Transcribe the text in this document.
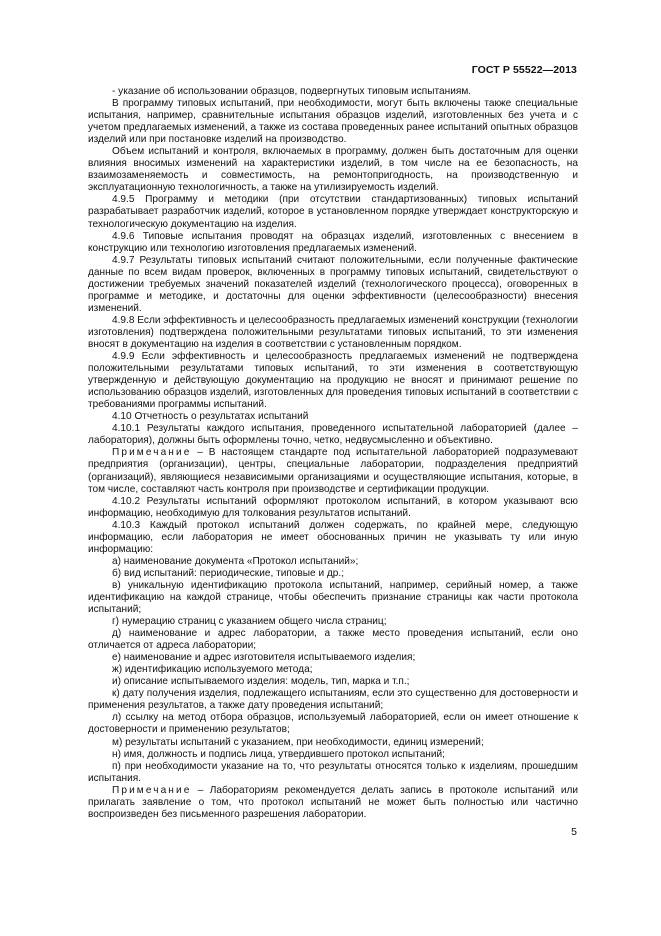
ГОСТ Р 55522—2013

- указание об использовании образцов, подвергнутых типовым испытаниям.

В программу типовых испытаний, при необходимости, могут быть включены также специальные испытания, например, сравнительные испытания образцов изделий, изготовленных без учета и с учетом предлагаемых изменений, а также из состава проведенных ранее испытаний опытных образцов изделий или при постановке изделий на производство.

Объем испытаний и контроля, включаемых в программу, должен быть достаточным для оценки влияния вносимых изменений на характеристики изделий, в том числе на ее безопасность, на взаимозаменяемость и совместимость, на ремонтопригодность, на производственную и эксплуатационную технологичность, а также на утилизируемость изделий.

4.9.5 Программу и методики (при отсутствии стандартизованных) типовых испытаний разрабатывает разработчик изделий, которое в установленном порядке утверждает конструкторскую и технологическую документацию на изделия.

4.9.6 Типовые испытания проводят на образцах изделий, изготовленных с внесением в конструкцию или технологию изготовления предлагаемых изменений.

4.9.7 Результаты типовых испытаний считают положительными, если полученные фактические данные по всем видам проверок, включенных в программу типовых испытаний, свидетельствуют о достижении требуемых значений показателей изделий (технологического процесса), оговоренных в программе и методике, и достаточны для оценки эффективности (целесообразности) внесения изменений.

4.9.8 Если эффективность и целесообразность предлагаемых изменений конструкции (технологии изготовления) подтверждена положительными результатами типовых испытаний, то эти изменения вносят в документацию на изделия в соответствии с установленным порядком.

4.9.9 Если эффективность и целесообразность предлагаемых изменений не подтверждена положительными результатами типовых испытаний, то эти изменения в соответствующую утвержденную и действующую документацию на продукцию не вносят и принимают решение по использованию образцов изделий, изготовленных для проведения типовых испытаний в соответствии с требованиями программы испытаний.

4.10 Отчетность о результатах испытаний

4.10.1 Результаты каждого испытания, проведенного испытательной лабораторией (далее – лаборатория), должны быть оформлены точно, четко, недвусмысленно и объективно.

Примечание – В настоящем стандарте под испытательной лабораторией подразумевают предприятия (организации), центры, специальные лаборатории, подразделения предприятий (организаций), являющиеся независимыми организациями и осуществляющие испытания, которые, в том числе, составляют часть контроля при производстве и сертификации продукции.

4.10.2 Результаты испытаний оформляют протоколом испытаний, в котором указывают всю информацию, необходимую для толкования результатов испытаний.

4.10.3 Каждый протокол испытаний должен содержать, по крайней мере, следующую информацию, если лаборатория не имеет обоснованных причин не указывать ту или иную информацию:

а) наименование документа «Протокол испытаний»;

б) вид испытаний: периодические, типовые и др.;

в) уникальную идентификацию протокола испытаний, например, серийный номер, а также идентификацию на каждой странице, чтобы обеспечить признание страницы как части протокола испытаний;

г) нумерацию страниц с указанием общего числа страниц;

д) наименование и адрес лаборатории, а также место проведения испытаний, если оно отличается от адреса лаборатории;

е) наименование и адрес изготовителя испытываемого изделия;

ж) идентификацию используемого метода;

и) описание испытываемого изделия: модель, тип, марка и т.п.;

к) дату получения изделия, подлежащего испытаниям, если это существенно для достоверности и применения результатов, а также дату проведения испытаний;

л) ссылку на метод отбора образцов, используемый лабораторией, если он имеет отношение к достоверности и применению результатов;

м) результаты испытаний с указанием, при необходимости, единиц измерений;

н) имя, должность и подпись лица, утвердившего протокол испытаний;

п) при необходимости указание на то, что результаты относятся только к изделиям, прошедшим испытания.

Примечание – Лабораториям рекомендуется делать запись в протоколе испытаний или прилагать заявление о том, что протокол испытаний не может быть полностью или частично воспроизведен без письменного разрешения лаборатории.

5
